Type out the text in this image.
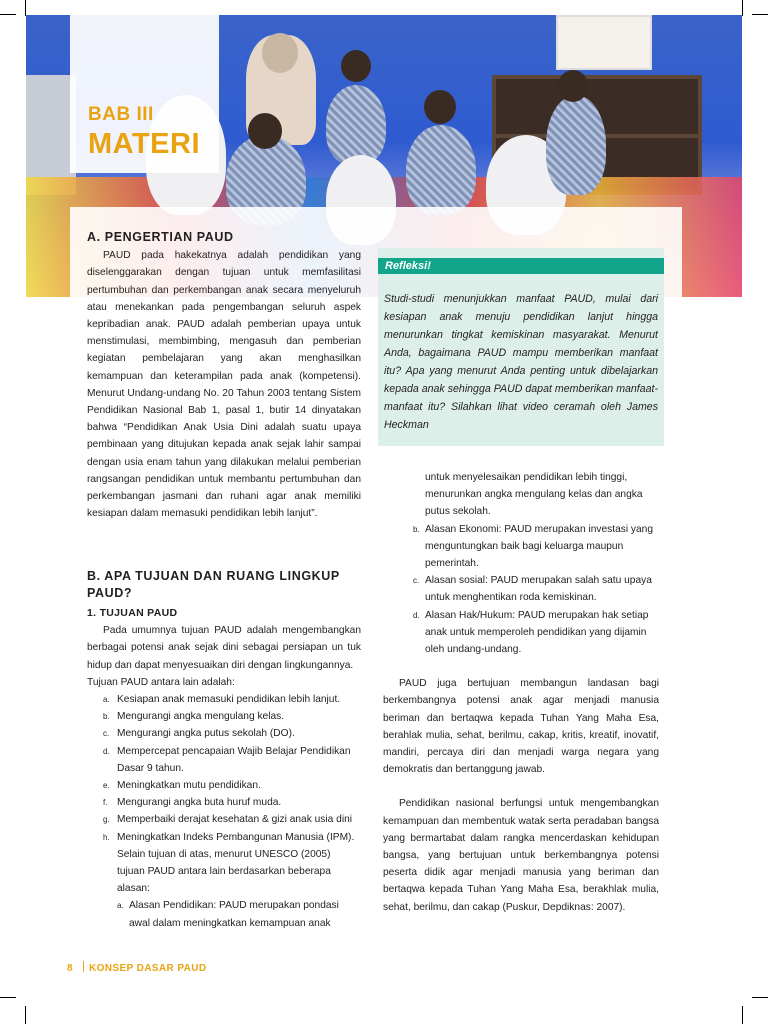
BAB III
MATERI
A. PENGERTIAN PAUD

PAUD pada hakekatnya adalah pendidikan yang diselenggarakan dengan tujuan untuk memfasilitasi pertumbuhan dan perkembangan anak secara menyeluruh atau menekankan pada pengembangan seluruh aspek kepribadian anak. PAUD adalah pemberian upaya untuk menstimulasi, membimbing, mengasuh dan pemberian kegiatan pembelajaran yang akan menghasilkan kemampuan dan keterampilan pada anak (kompetensi). Menurut Undang-undang No. 20 Tahun 2003 tentang Sistem Pendidikan Nasional Bab 1, pasal 1, butir 14 dinyatakan bahwa “Pendidikan Anak Usia Dini adalah suatu upaya pembinaan yang ditujukan kepada anak sejak lahir sampai dengan usia enam tahun yang dilakukan melalui pemberian rangsangan pendidikan untuk membantu pertumbuhan dan perkembangan jasmani dan ruhani agar anak memiliki kesiapan dalam memasuki pendidikan lebih lanjut”.

B. APA TUJUAN DAN RUANG LINGKUP PAUD?
1. TUJUAN PAUD

Pada umumnya tujuan PAUD adalah mengembangkan berbagai potensi anak sejak dini sebagai persiapan un tuk hidup dan dapat menyesuaikan diri dengan lingkungannya.

Tujuan PAUD antara lain adalah:

a. Kesiapan anak memasuki pendidikan lebih lanjut.
b. Mengurangi angka mengulang kelas.
c. Mengurangi angka putus sekolah (DO).
d. Mempercepat pencapaian Wajib Belajar Pendidikan Dasar 9 tahun.
e. Meningkatkan mutu pendidikan.
f. Mengurangi angka buta huruf muda.
g. Memperbaiki derajat kesehatan & gizi anak usia dini
h. Meningkatkan Indeks Pembangunan Manusia (IPM).

Selain tujuan di atas, menurut UNESCO (2005) tujuan PAUD antara lain berdasarkan beberapa alasan:

a. Alasan Pendidikan: PAUD merupakan pondasi awal dalam meningkatkan kemampuan anak
Refleksi!

Studi-studi menunjukkan manfaat PAUD, mulai dari kesiapan anak menuju pendidikan lanjut hingga menurunkan tingkat kemiskinan masyarakat. Menurut Anda, bagaimana PAUD mampu memberikan manfaat itu? Apa yang menurut Anda penting untuk dibelajarkan kepada anak sehingga PAUD dapat memberikan manfaat-manfaat itu? Silahkan lihat video ceramah oleh James Heckman

untuk menyelesaikan pendidikan lebih tinggi, menurunkan angka mengulang kelas dan angka putus sekolah.

b. Alasan Ekonomi: PAUD merupakan investasi yang menguntungkan baik bagi keluarga maupun pemerintah.
c. Alasan sosial: PAUD merupakan salah satu upaya untuk menghentikan roda kemiskinan.
d. Alasan Hak/Hukum: PAUD merupakan hak setiap anak untuk memperoleh pendidikan yang dijamin oleh undang-undang.

PAUD juga bertujuan membangun landasan bagi berkembangnya potensi anak agar menjadi manusia beriman dan bertaqwa kepada Tuhan Yang Maha Esa, berahlak mulia, sehat, berilmu, cakap, kritis, kreatif, inovatif, mandiri, percaya diri dan menjadi warga negara yang demokratis dan bertanggung jawab.

Pendidikan nasional berfungsi untuk mengembangkan kemampuan dan membentuk watak serta peradaban bangsa yang bermartabat dalam rangka mencerdaskan kehidupan bangsa, yang bertujuan untuk berkembangnya potensi peserta didik agar menjadi manusia yang beriman dan bertaqwa kepada Tuhan Yang Maha Esa, berakhlak mulia, sehat, berilmu, dan cakap (Puskur, Depdiknas: 2007).

8 KONSEP DASAR PAUD
